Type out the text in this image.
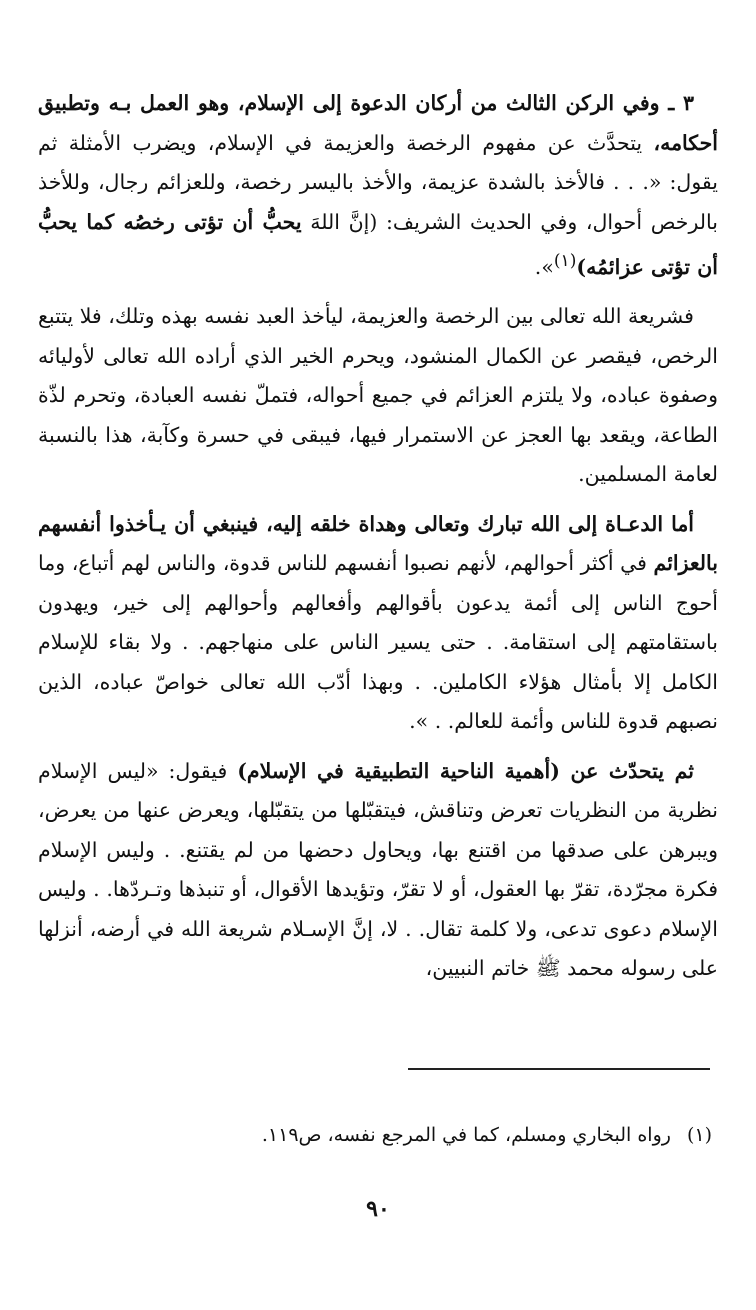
٣ ـ وفي الركن الثالث من أركان الدعوة إلى الإسلام، وهو العمل بـه وتطبيق أحكامه، يتحدَّث عن مفهوم الرخصة والعزيمة في الإسلام، ويضرب الأمثلة ثم يقول: «. . . فالأخذ بالشدة عزيمة، والأخذ باليسر رخصة، وللعزائم رجال، وللأخذ بالرخص أحوال، وفي الحديث الشريف: (إنَّ اللهَ يحبُّ أن تؤتى رخصُه كما يحبُّ أن تؤتى عزائمُه)$^{(١)}$».

فشريعة الله تعالى بين الرخصة والعزيمة، ليأخذ العبد نفسه بهذه وتلك، فلا يتتبع الرخص، فيقصر عن الكمال المنشود، ويحرم الخير الذي أراده الله تعالى لأوليائه وصفوة عباده، ولا يلتزم العزائم في جميع أحواله، فتملّ نفسه العبادة، وتحرم لذّة الطاعة، ويقعد بها العجز عن الاستمرار فيها، فيبقى في حسرة وكآبة، هذا بالنسبة لعامة المسلمين.

أما الدعـاة إلى الله تبارك وتعالى وهداة خلقه إليه، فينبغي أن يـأخذوا أنفسهم بالعزائم في أكثر أحوالهم، لأنهم نصبوا أنفسهم للناس قدوة، والناس لهم أتباع، وما أحوج الناس إلى أئمة يدعون بأقوالهم وأفعالهم وأحوالهم إلى خير، ويهدون باستقامتهم إلى استقامة. . حتى يسير الناس على منهاجهم. . ولا بقاء للإسلام الكامل إلا بأمثال هؤلاء الكاملين. . وبهذا أدّب الله تعالى خواصّ عباده، الذين نصبهم قدوة للناس وأئمة للعالم. . ».

ثم يتحدّث عن (أهمية الناحية التطبيقية في الإسلام) فيقول: «ليس الإسلام نظرية من النظريات تعرض وتناقش، فيتقبّلها من يتقبّلها، ويعرض عنها من يعرض، ويبرهن على صدقها من اقتنع بها، ويحاول دحضها من لم يقتنع. . وليس الإسلام فكرة مجرّدة، تقرّ بها العقول، أو لا تقرّ، وتؤيدها الأقوال، أو تنبذها وتـردّها. . وليس الإسلام دعوى تدعى، ولا كلمة تقال. . لا، إنَّ الإسـلام شريعة الله في أرضه، أنزلها على رسوله محمد ﷺ خاتم النبيين،

(١)رواه البخاري ومسلم، كما في المرجع نفسه، ص١١٩.
٩٠
